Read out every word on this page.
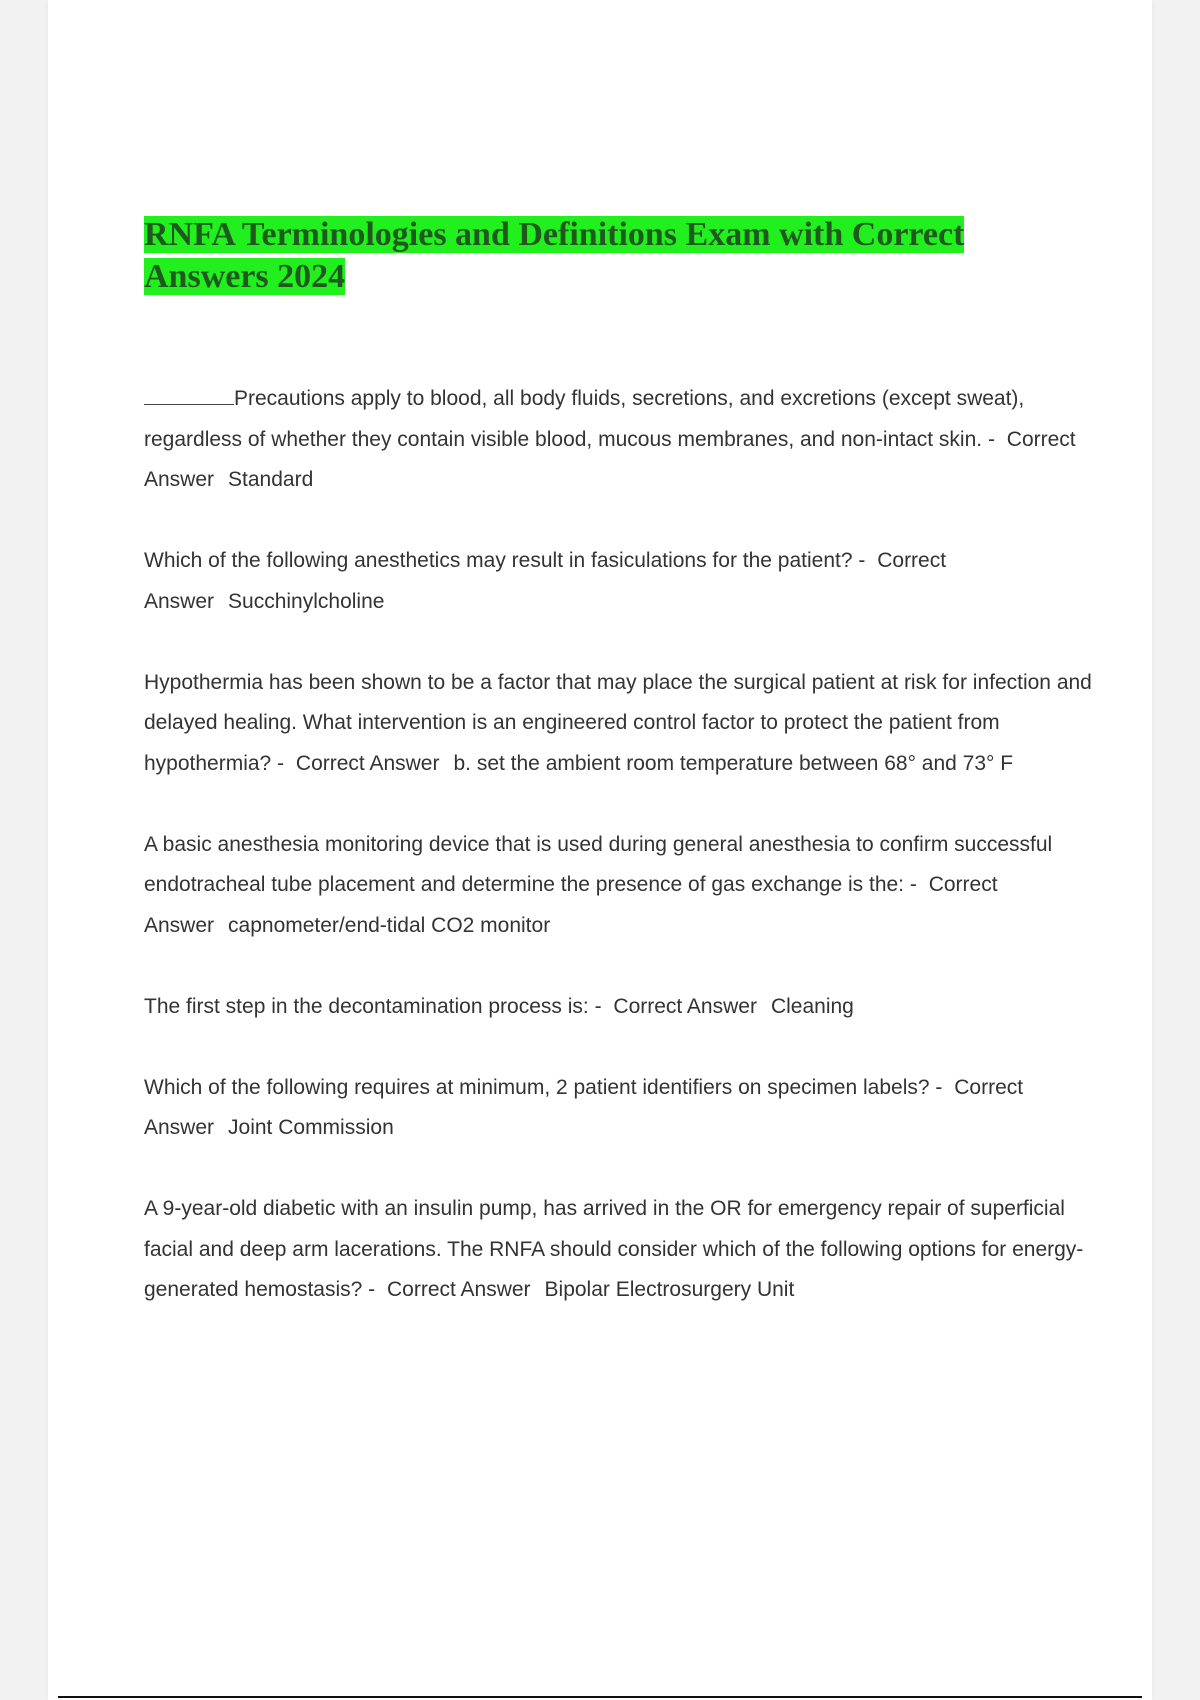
RNFA Terminologies and Definitions Exam with Correct Answers 2024

Precautions apply to blood, all body fluids, secretions, and excretions (except sweat), regardless of whether they contain visible blood, mucous membranes, and non-intact skin. - Correct Answer Standard

Which of the following anesthetics may result in fasiculations for the patient? - Correct Answer Succhinylcholine

Hypothermia has been shown to be a factor that may place the surgical patient at risk for infection and delayed healing. What intervention is an engineered control factor to protect the patient from hypothermia? - Correct Answer b. set the ambient room temperature between 68° and 73° F

A basic anesthesia monitoring device that is used during general anesthesia to confirm successful endotracheal tube placement and determine the presence of gas exchange is the: - Correct Answer capnometer/end-tidal CO2 monitor

The first step in the decontamination process is: - Correct Answer Cleaning

Which of the following requires at minimum, 2 patient identifiers on specimen labels? - Correct Answer Joint Commission

A 9-year-old diabetic with an insulin pump, has arrived in the OR for emergency repair of superficial facial and deep arm lacerations. The RNFA should consider which of the following options for energy-generated hemostasis? - Correct Answer Bipolar Electrosurgery Unit
